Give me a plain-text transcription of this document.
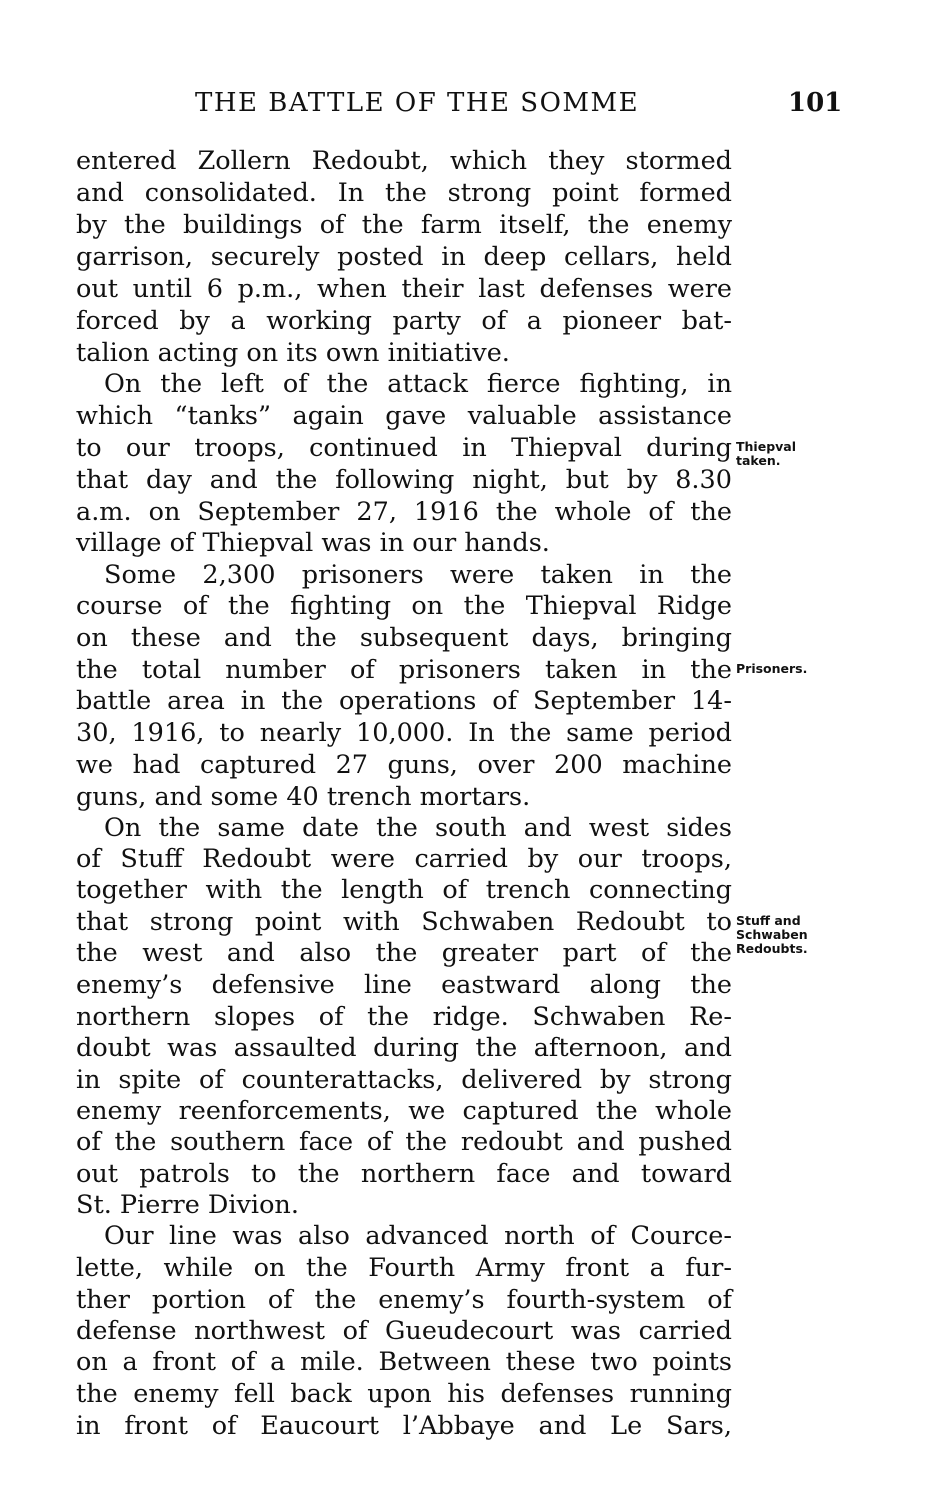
THE BATTLE OF THE SOMME	101
entered Zollern Redoubt, which they stormed
and consolidated. In the strong point formed
by the buildings of the farm itself, the enemy
garrison, securely posted in deep cellars, held
out until 6 p.m., when their last defenses were
forced by a working party of a pioneer bat-
talion acting on its own initiative.
On the left of the attack fierce fighting, in
which “tanks” again gave valuable assistance
to our troops, continued in Thiepval during
that day and the following night, but by 8.30
a.m. on September 27, 1916 the whole of the
village of Thiepval was in our hands.
Some 2,300 prisoners were taken in the
course of the fighting on the Thiepval Ridge
on these and the subsequent days, bringing
the total number of prisoners taken in the
battle area in the operations of September 14-
30, 1916, to nearly 10,000. In the same period
we had captured 27 guns, over 200 machine
guns, and some 40 trench mortars.
On the same date the south and west sides
of Stuff Redoubt were carried by our troops,
together with the length of trench connecting
that strong point with Schwaben Redoubt to
the west and also the greater part of the
enemy’s defensive line eastward along the
northern slopes of the ridge. Schwaben Re-
doubt was assaulted during the afternoon, and
in spite of counterattacks, delivered by strong
enemy reenforcements, we captured the whole
of the southern face of the redoubt and pushed
out patrols to the northern face and toward
St. Pierre Divion.
Our line was also advanced north of Cource-
lette, while on the Fourth Army front a fur-
ther portion of the enemy’s fourth-system of
defense northwest of Gueudecourt was carried
on a front of a mile. Between these two points
the enemy fell back upon his defenses running
in front of Eaucourt l’Abbaye and Le Sars,
Thiepval
taken.
Prisoners.
Stuff and
Schwaben
Redoubts.
